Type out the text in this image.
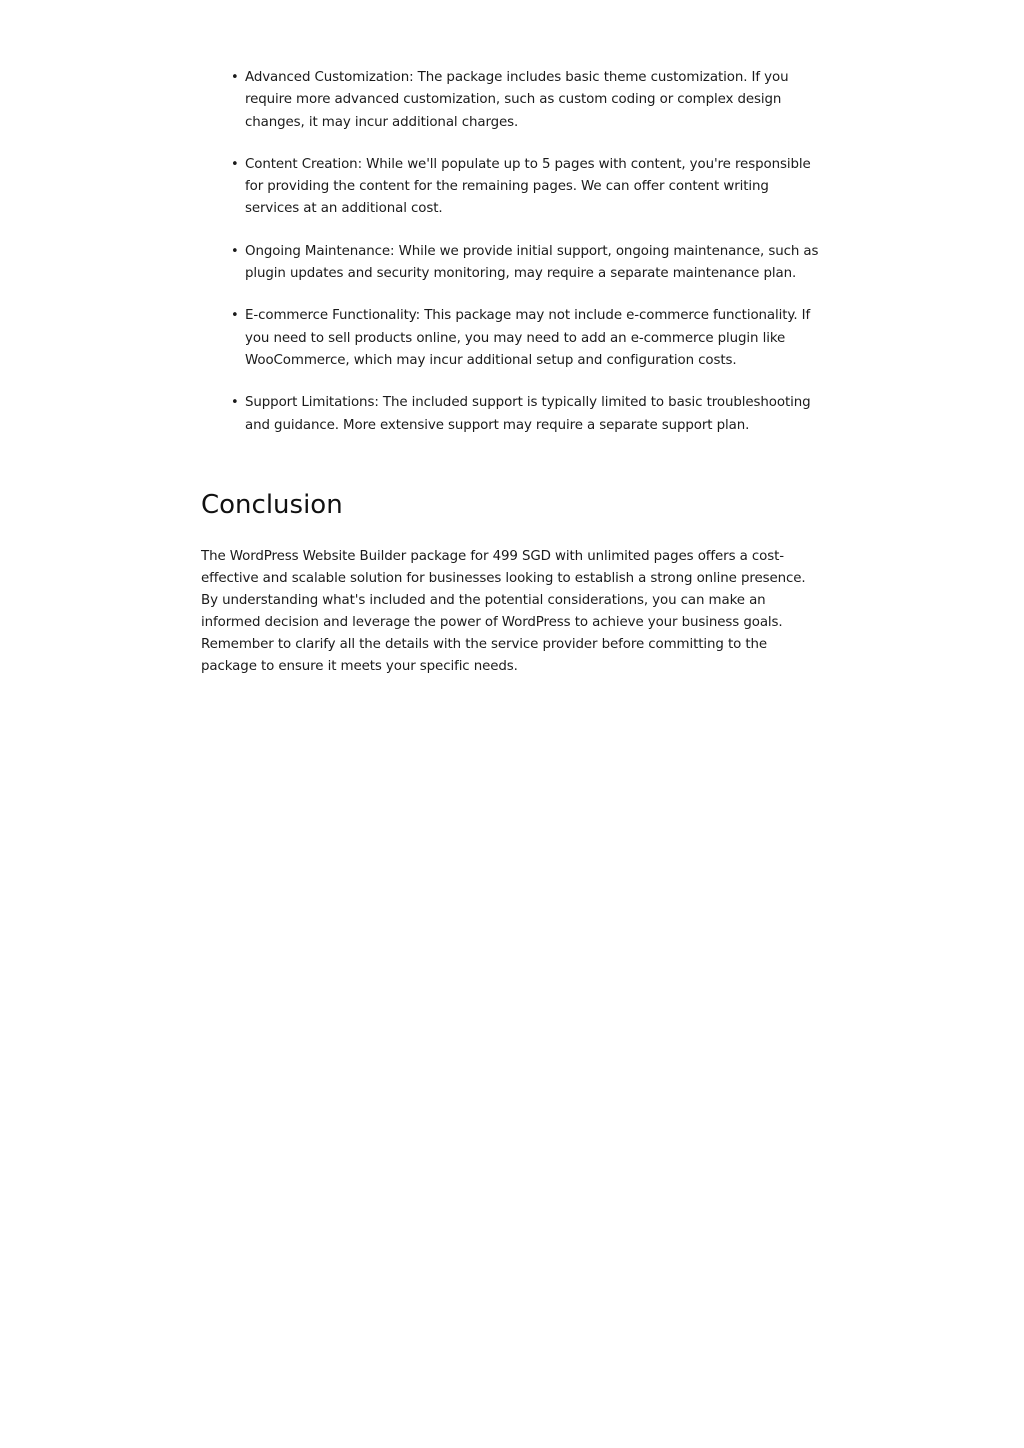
• Advanced Customization: The package includes basic theme customization. If you require more advanced customization, such as custom coding or complex design changes, it may incur additional charges.
• Content Creation: While we'll populate up to 5 pages with content, you're responsible for providing the content for the remaining pages. We can offer content writing services at an additional cost.
• Ongoing Maintenance: While we provide initial support, ongoing maintenance, such as plugin updates and security monitoring, may require a separate maintenance plan.
• E-commerce Functionality: This package may not include e-commerce functionality. If you need to sell products online, you may need to add an e-commerce plugin like WooCommerce, which may incur additional setup and configuration costs.
• Support Limitations: The included support is typically limited to basic troubleshooting and guidance. More extensive support may require a separate support plan.
Conclusion

The WordPress Website Builder package for 499 SGD with unlimited pages offers a cost-effective and scalable solution for businesses looking to establish a strong online presence. By understanding what's included and the potential considerations, you can make an informed decision and leverage the power of WordPress to achieve your business goals. Remember to clarify all the details with the service provider before committing to the package to ensure it meets your specific needs.
